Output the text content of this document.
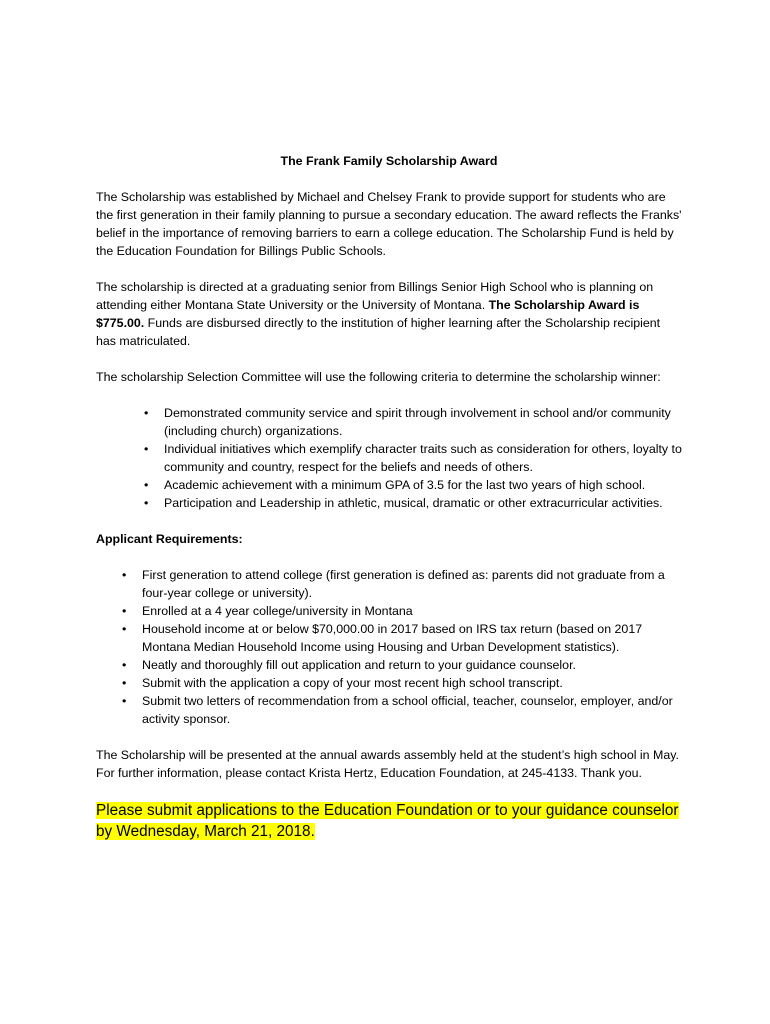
The Frank Family Scholarship Award

The Scholarship was established by Michael and Chelsey Frank to provide support for students who are the first generation in their family planning to pursue a secondary education. The award reflects the Franks' belief in the importance of removing barriers to earn a college education. The Scholarship Fund is held by the Education Foundation for Billings Public Schools.

The scholarship is directed at a graduating senior from Billings Senior High School who is planning on attending either Montana State University or the University of Montana. The Scholarship Award is $775.00. Funds are disbursed directly to the institution of higher learning after the Scholarship recipient has matriculated.

The scholarship Selection Committee will use the following criteria to determine the scholarship winner:

• Demonstrated community service and spirit through involvement in school and/or community (including church) organizations.
• Individual initiatives which exemplify character traits such as consideration for others, loyalty to community and country, respect for the beliefs and needs of others.
• Academic achievement with a minimum GPA of 3.5 for the last two years of high school.
• Participation and Leadership in athletic, musical, dramatic or other extracurricular activities.

Applicant Requirements:

• First generation to attend college (first generation is defined as: parents did not graduate from a four-year college or university).
• Enrolled at a 4 year college/university in Montana
• Household income at or below $70,000.00 in 2017 based on IRS tax return (based on 2017 Montana Median Household Income using Housing and Urban Development statistics).
• Neatly and thoroughly fill out application and return to your guidance counselor.
• Submit with the application a copy of your most recent high school transcript.
• Submit two letters of recommendation from a school official, teacher, counselor, employer, and/or activity sponsor.

The Scholarship will be presented at the annual awards assembly held at the student’s high school in May. For further information, please contact Krista Hertz, Education Foundation, at 245-4133. Thank you.

Please submit applications to the Education Foundation or to your guidance counselor by Wednesday, March 21, 2018.
